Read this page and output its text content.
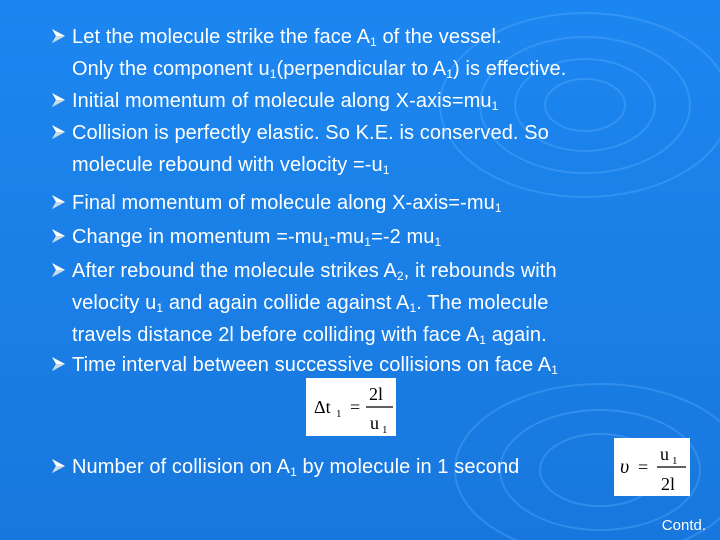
Let the molecule strike the face $A_1$ of the vessel.
Only the component $u_1(perpendicular$ to $A_1$) is effective.
Initial momentum of molecule along $X-axis=mu_1$
Collision is perfectly elastic. So K.E. is conserved. So
molecule rebound with velocity $=-u_1$
Final momentum of molecule along $X-axis=-mu_1$
Change in momentum $=-mu_1-mu_1=-2$ $mu_1$
After rebound the molecule strikes $A_2$, it rebounds with
velocity $u_1$ and again collide against $A_1$. The molecule
travels distance 2l before colliding with face $A_1$ again.
Time interval between successive collisions on face $A_1$
Number of collision on $A_1$ by molecule in 1 second
Δt 1 =
2l
u 1
υ =
u 1
2l
Contd.
